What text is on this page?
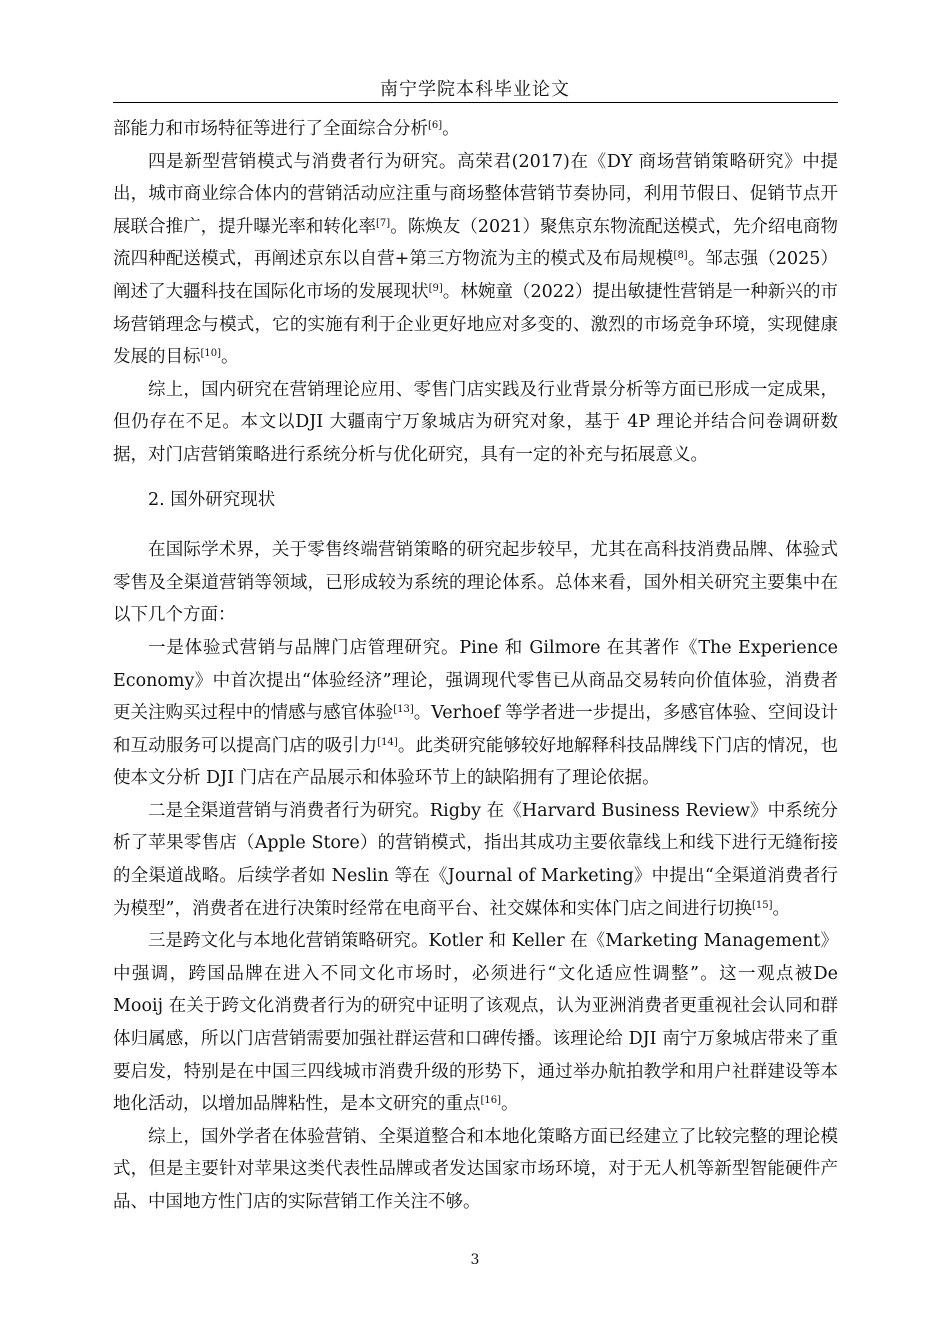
南宁学院本科毕业论文

部能力和市场特征等进行了全面综合分析[6]。

四是新型营销模式与消费者行为研究。高荣君(2017)在《DY 商场营销策略研究》中提出，城市商业综合体内的营销活动应注重与商场整体营销节奏协同，利用节假日、促销节点开展联合推广，提升曝光率和转化率[7]。陈焕友（2021）聚焦京东物流配送模式，先介绍电商物流四种配送模式，再阐述京东以自营+第三方物流为主的模式及布局规模[8]。邹志强（2025）阐述了大疆科技在国际化市场的发展现状[9]。林婉童（2022）提出敏捷性营销是一种新兴的市场营销理念与模式，它的实施有利于企业更好地应对多变的、激烈的市场竞争环境，实现健康发展的目标[10]。

综上，国内研究在营销理论应用、零售门店实践及行业背景分析等方面已形成一定成果，但仍存在不足。本文以DJI 大疆南宁万象城店为研究对象，基于 4P 理论并结合问卷调研数据，对门店营销策略进行系统分析与优化研究，具有一定的补充与拓展意义。

2. 国外研究现状

在国际学术界，关于零售终端营销策略的研究起步较早，尤其在高科技消费品牌、体验式零售及全渠道营销等领域，已形成较为系统的理论体系。总体来看，国外相关研究主要集中在以下几个方面：

一是体验式营销与品牌门店管理研究。Pine 和 Gilmore 在其著作《The Experience Economy》中首次提出“体验经济”理论，强调现代零售已从商品交易转向价值体验，消费者更关注购买过程中的情感与感官体验[13]。Verhoef 等学者进一步提出，多感官体验、空间设计和互动服务可以提高门店的吸引力[14]。此类研究能够较好地解释科技品牌线下门店的情况，也使本文分析 DJI 门店在产品展示和体验环节上的缺陷拥有了理论依据。

二是全渠道营销与消费者行为研究。Rigby 在《Harvard Business Review》中系统分析了苹果零售店（Apple Store）的营销模式，指出其成功主要依靠线上和线下进行无缝衔接的全渠道战略。后续学者如 Neslin 等在《Journal of Marketing》中提出“全渠道消费者行为模型”，消费者在进行决策时经常在电商平台、社交媒体和实体门店之间进行切换[15]。

三是跨文化与本地化营销策略研究。Kotler 和 Keller 在《Marketing Management》中强调，跨国品牌在进入不同文化市场时，必须进行“文化适应性调整”。这一观点被De Mooij 在关于跨文化消费者行为的研究中证明了该观点，认为亚洲消费者更重视社会认同和群体归属感，所以门店营销需要加强社群运营和口碑传播。该理论给 DJI 南宁万象城店带来了重要启发，特别是在中国三四线城市消费升级的形势下，通过举办航拍教学和用户社群建设等本地化活动，以增加品牌粘性，是本文研究的重点[16]。

综上，国外学者在体验营销、全渠道整合和本地化策略方面已经建立了比较完整的理论模式，但是主要针对苹果这类代表性品牌或者发达国家市场环境，对于无人机等新型智能硬件产品、中国地方性门店的实际营销工作关注不够。

3
